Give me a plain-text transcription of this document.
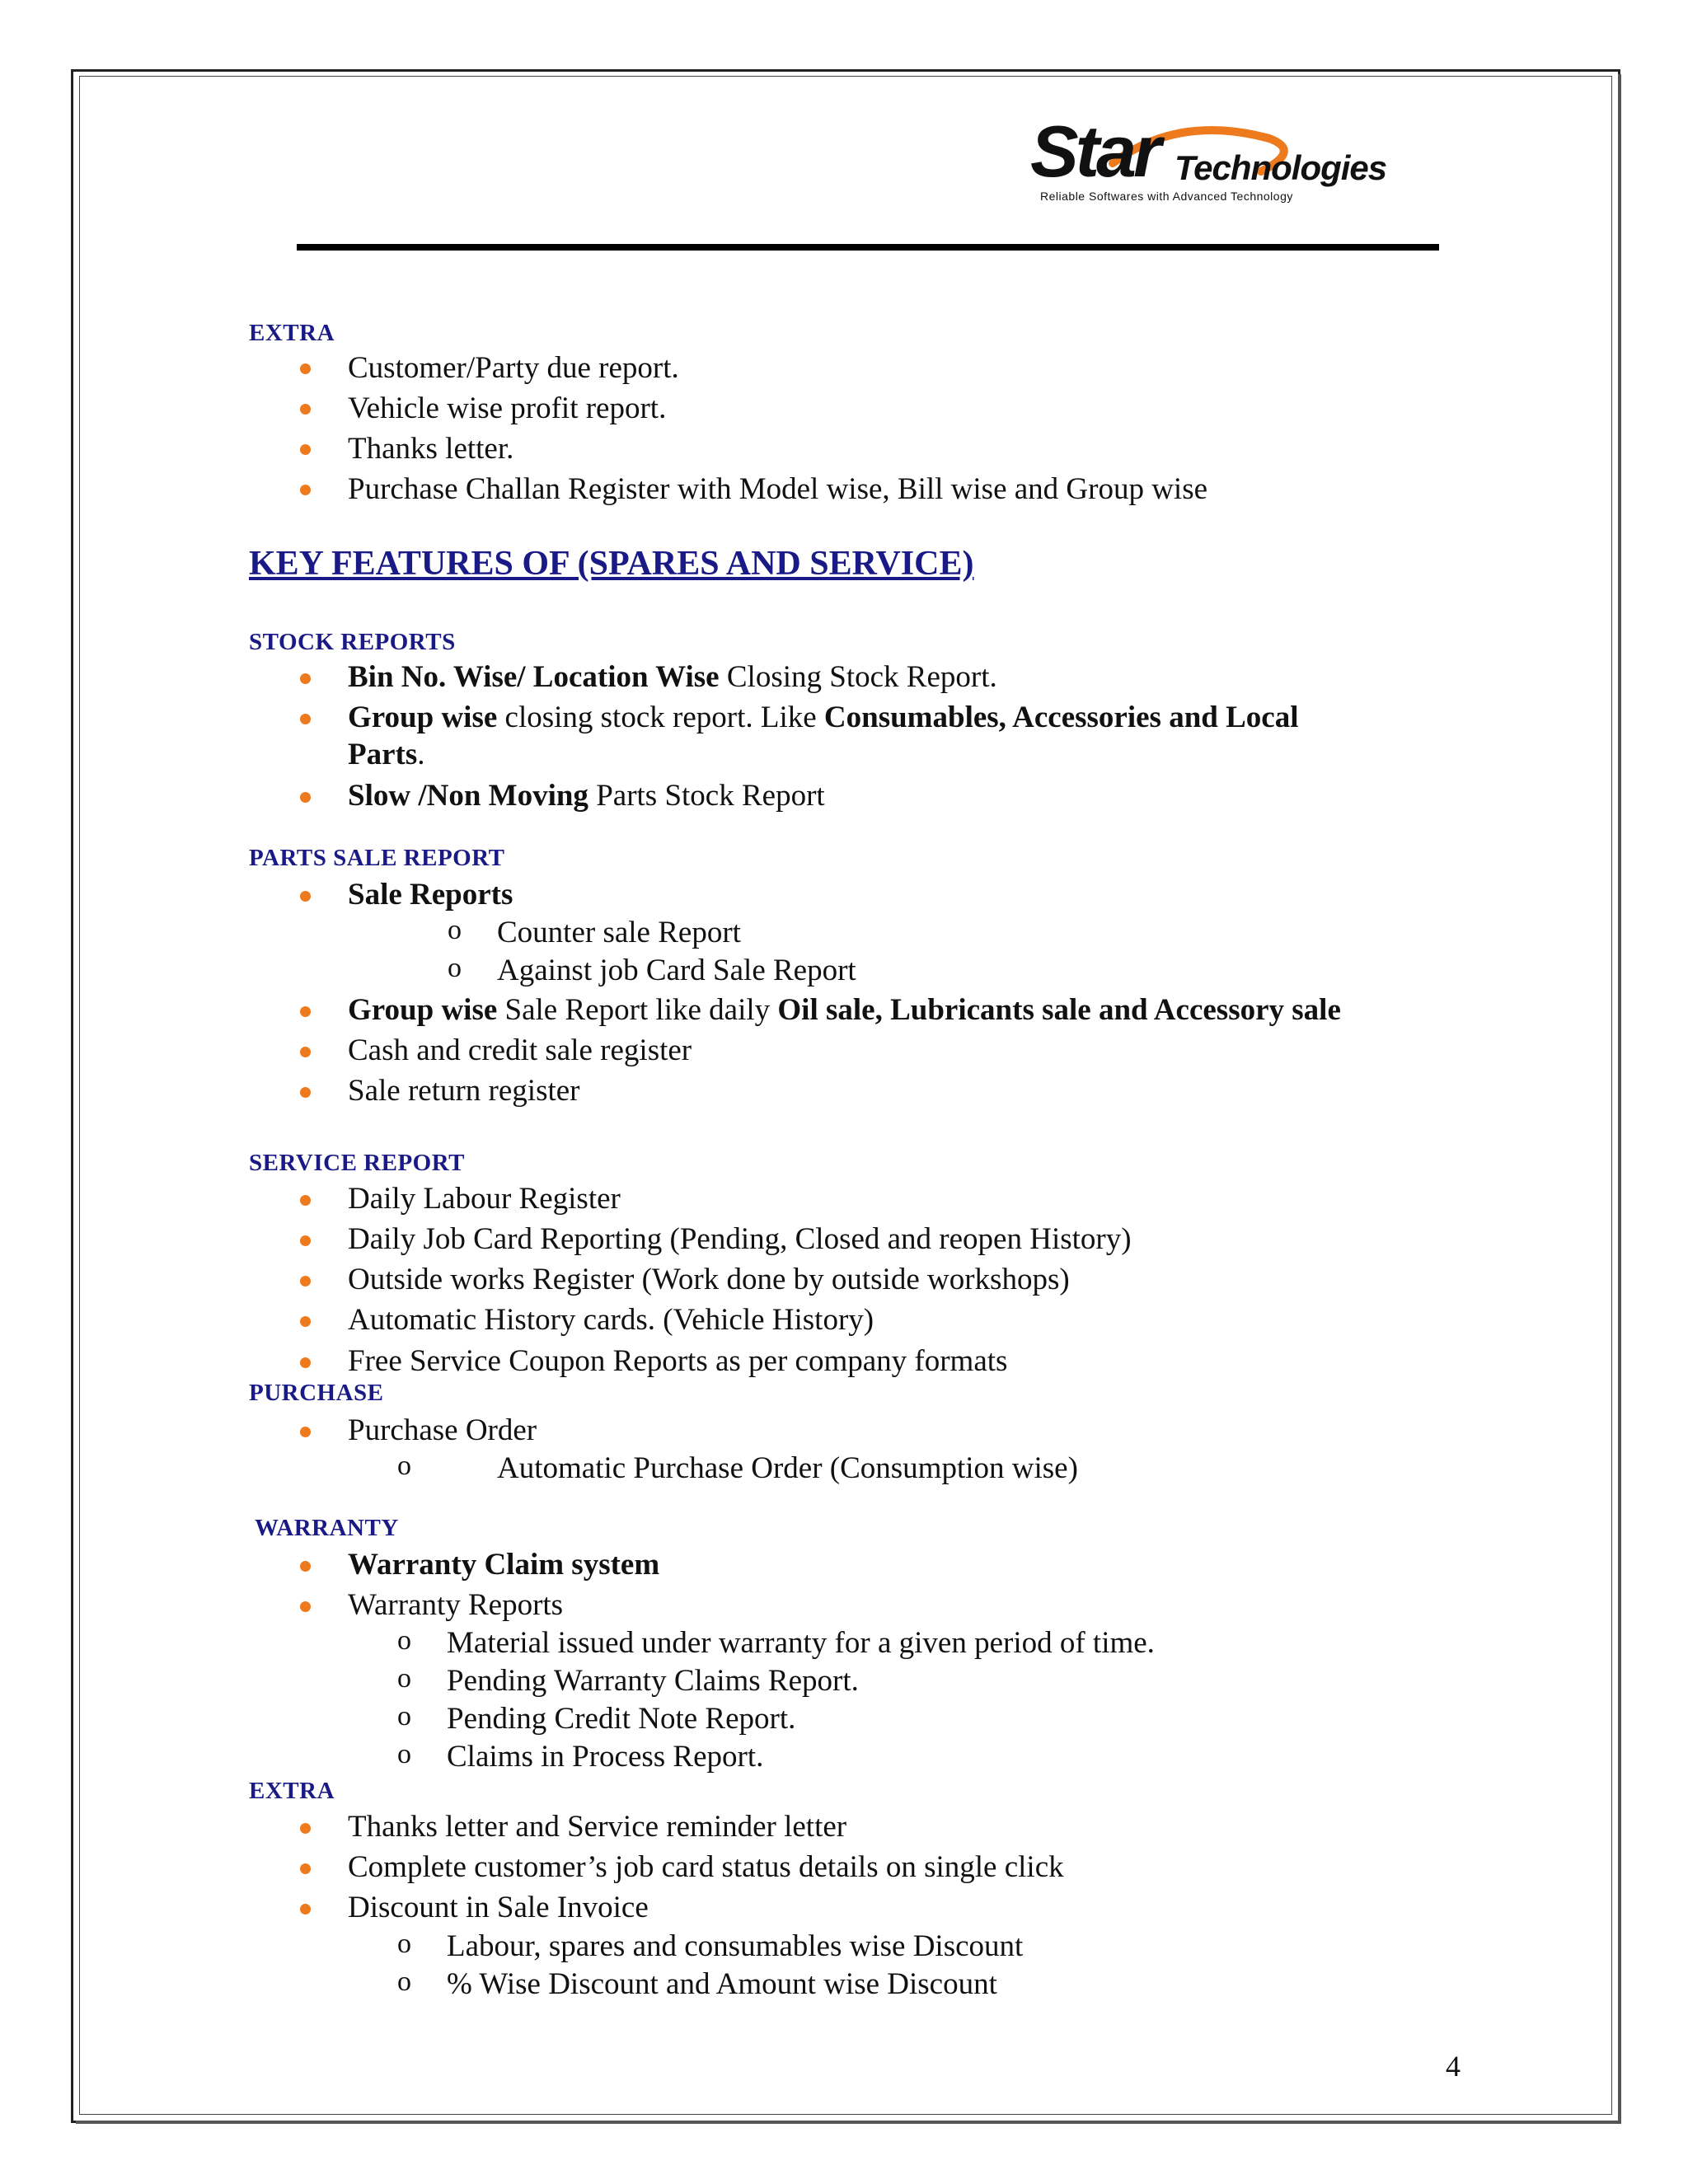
Star Technologies
Reliable Softwares with Advanced Technology
EXTRA
Customer/Party due report.
Vehicle wise profit report.
Thanks letter.
Purchase Challan Register with Model wise, Bill wise and Group wise
KEY FEATURES OF (SPARES AND SERVICE)
STOCK REPORTS
Bin No. Wise/ Location Wise Closing Stock Report.
Group wise closing stock report. Like Consumables, Accessories and Local
Parts.
Slow /Non Moving Parts Stock Report
PARTS SALE REPORT
Sale Reports
o Counter sale Report
o Against job Card Sale Report
Group wise Sale Report like daily Oil sale, Lubricants sale and Accessory sale
Cash and credit sale register
Sale return register
SERVICE REPORT
Daily Labour Register
Daily Job Card Reporting (Pending, Closed and reopen History)
Outside works Register (Work done by outside workshops)
Automatic History cards. (Vehicle History)
Free Service Coupon Reports as per company formats
PURCHASE
Purchase Order
o	Automatic Purchase Order (Consumption wise)
WARRANTY
Warranty Claim system
Warranty Reports
o Material issued under warranty for a given period of time.
o Pending Warranty Claims Report.
o Pending Credit Note Report.
o Claims in Process Report.
EXTRA
Thanks letter and Service reminder letter
Complete customer’s job card status details on single click
Discount in Sale Invoice
o Labour, spares and consumables wise Discount
o % Wise Discount and Amount wise Discount
4
